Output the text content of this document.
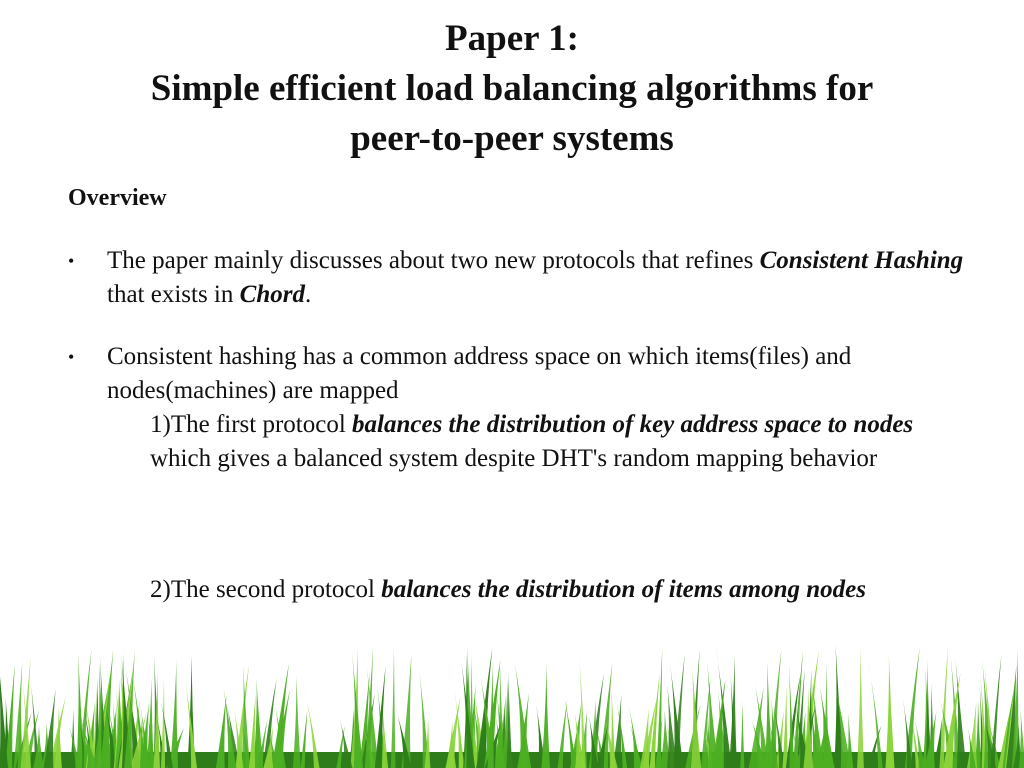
Paper 1:
Simple efficient load balancing algorithms for
peer-to-peer systems
Overview
• The paper mainly discusses about two new protocols that refines Consistent Hashing that exists in Chord.
• Consistent hashing has a common address space on which items(files) and nodes(machines) are mapped
1)The first protocol balances the distribution of key address space to nodes which gives a balanced system despite DHT's random mapping behavior
2)The second protocol balances the distribution of items among nodes
